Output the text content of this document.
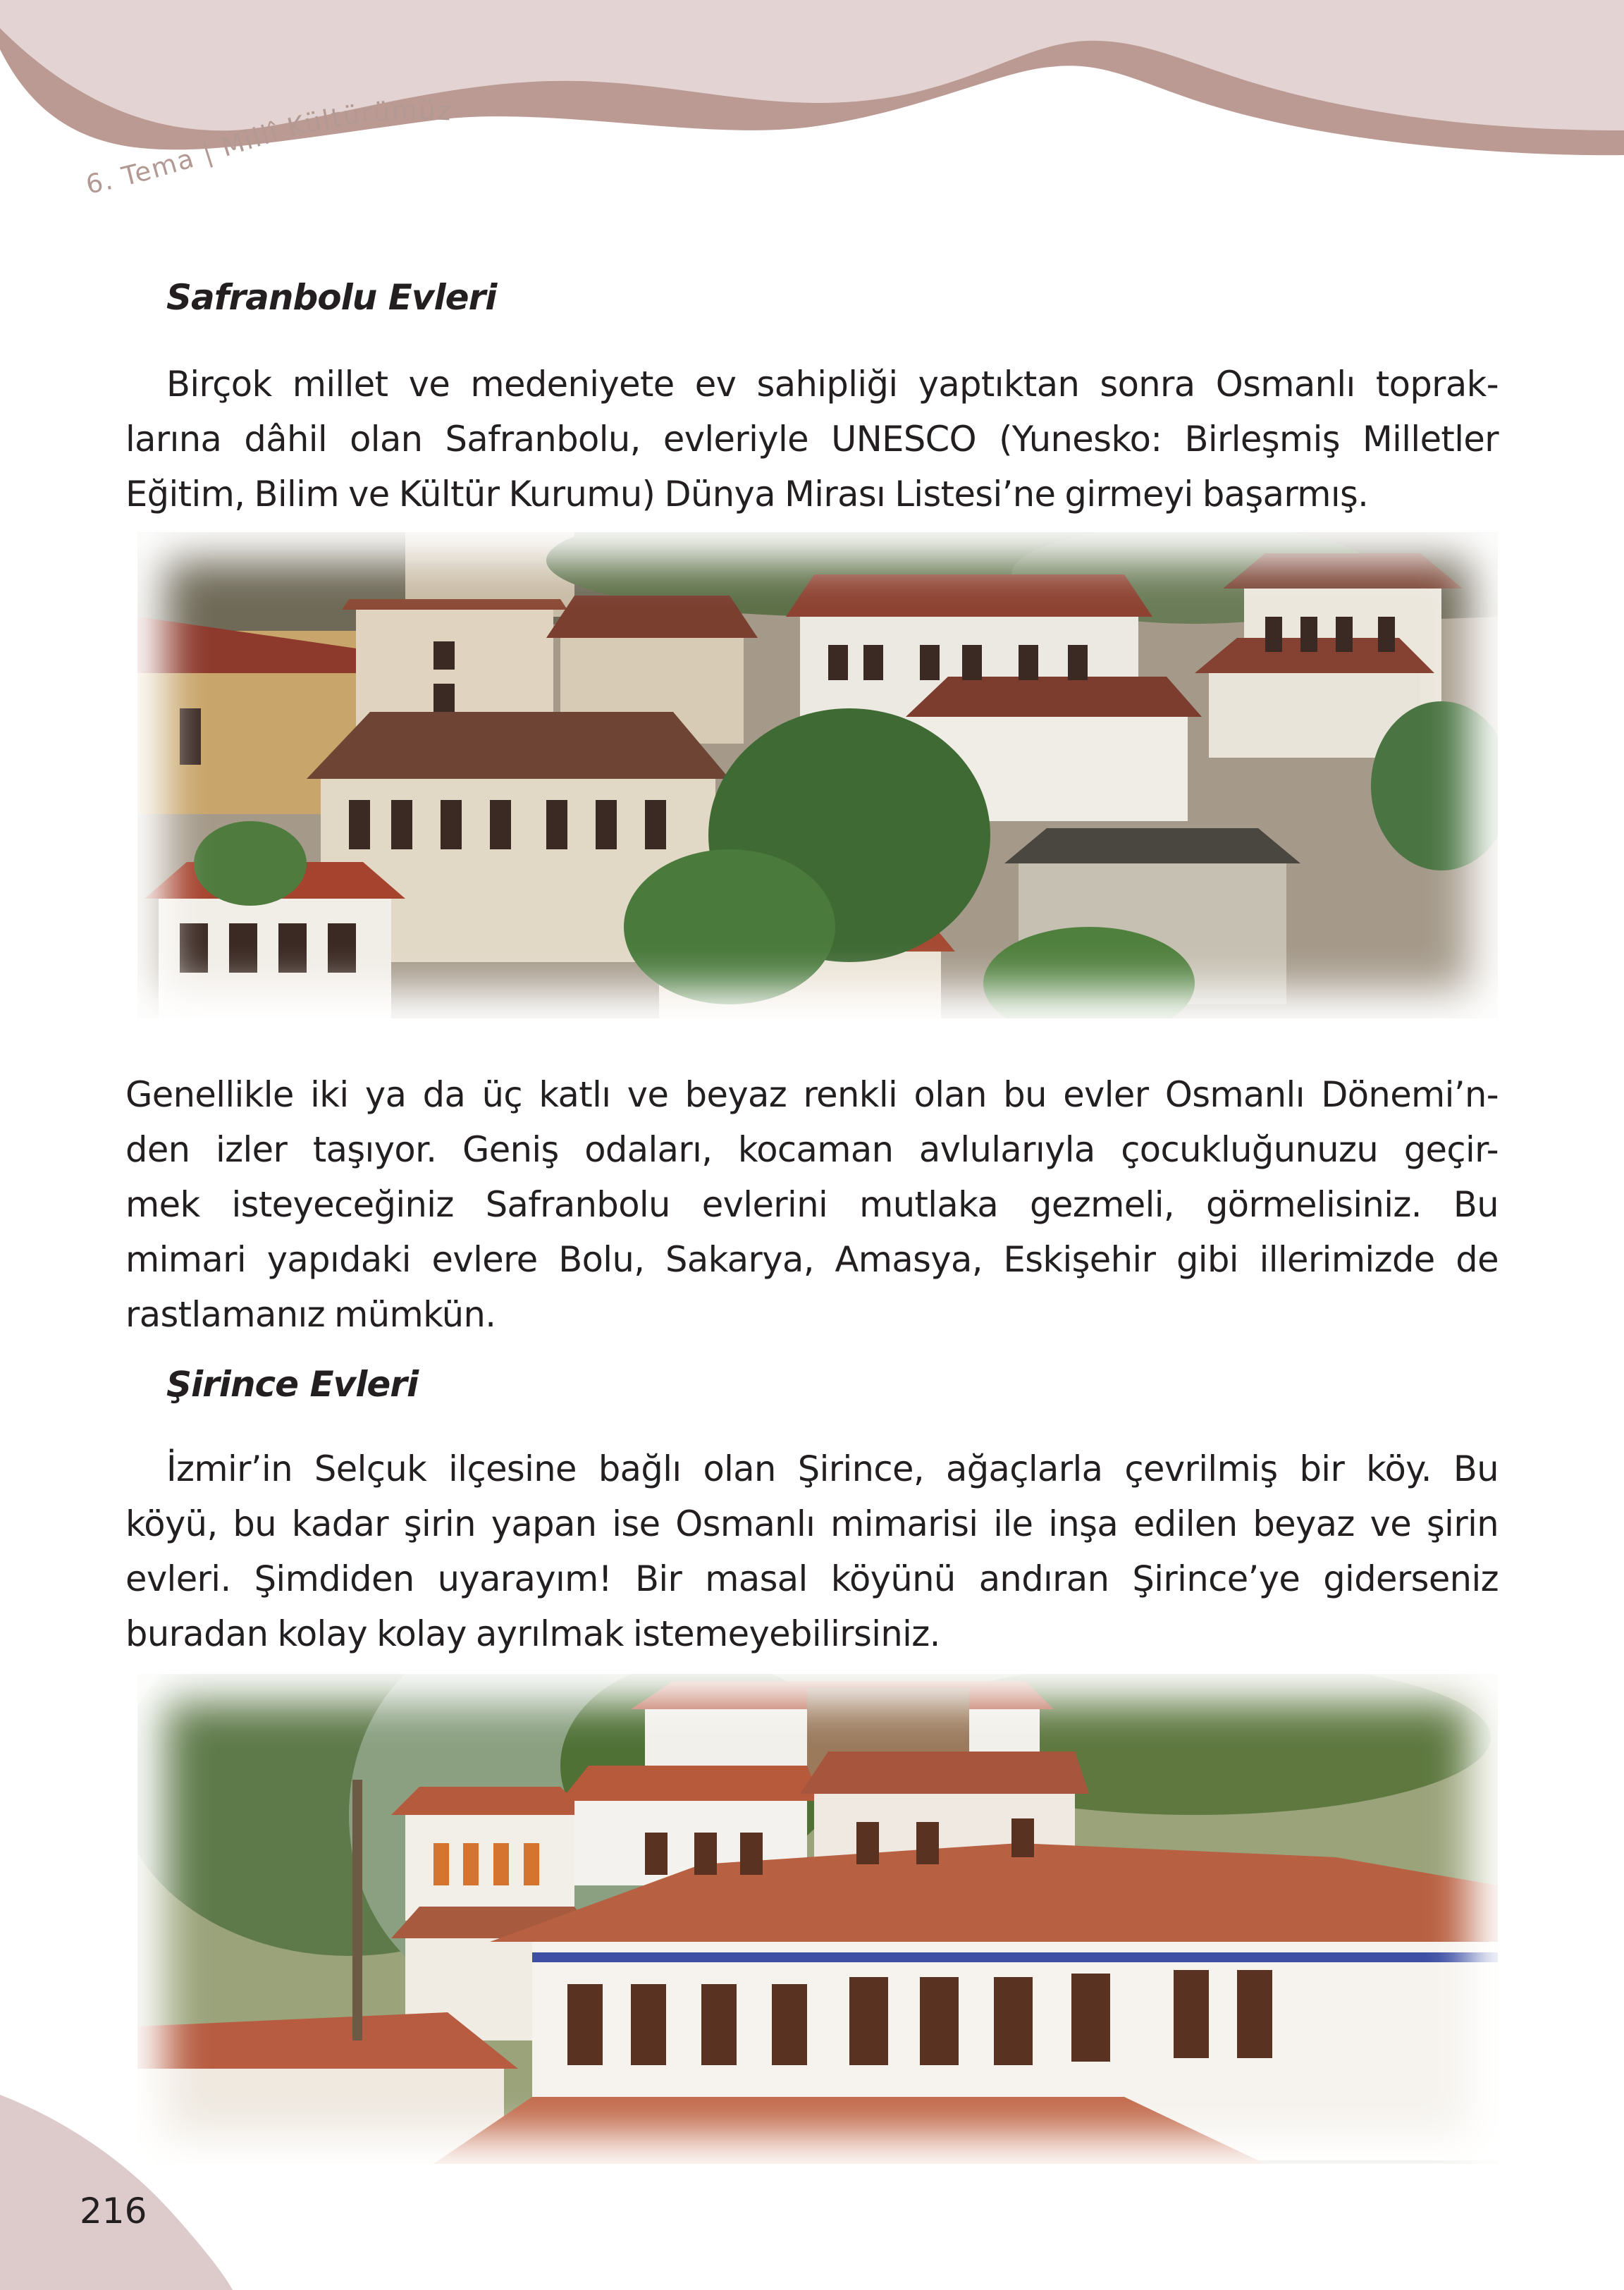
6. Tema | Millî Kültürümüz
Safranbolu Evleri

Birçok millet ve medeniyete ev sahipliği yaptıktan sonra Osmanlı toprak-
larına dâhil olan Safranbolu, evleriyle UNESCO (Yunesko: Birleşmiş Milletler
Eğitim, Bilim ve Kültür Kurumu) Dünya Mirası Listesi’ne girmeyi başarmış.

Genellikle iki ya da üç katlı ve beyaz renkli olan bu evler Osmanlı Dönemi’n-
den izler taşıyor. Geniş odaları, kocaman avlularıyla çocukluğunuzu geçir-
mek isteyeceğiniz Safranbolu evlerini mutlaka gezmeli, görmelisiniz. Bu
mimari yapıdaki evlere Bolu, Sakarya, Amasya, Eskişehir gibi illerimizde de
rastlamanız mümkün.

Şirince Evleri

İzmir’in Selçuk ilçesine bağlı olan Şirince, ağaçlarla çevrilmiş bir köy. Bu
köyü, bu kadar şirin yapan ise Osmanlı mimarisi ile inşa edilen beyaz ve şirin
evleri. Şimdiden uyarayım! Bir masal köyünü andıran Şirince’ye giderseniz
buradan kolay kolay ayrılmak istemeyebilirsiniz.

216
